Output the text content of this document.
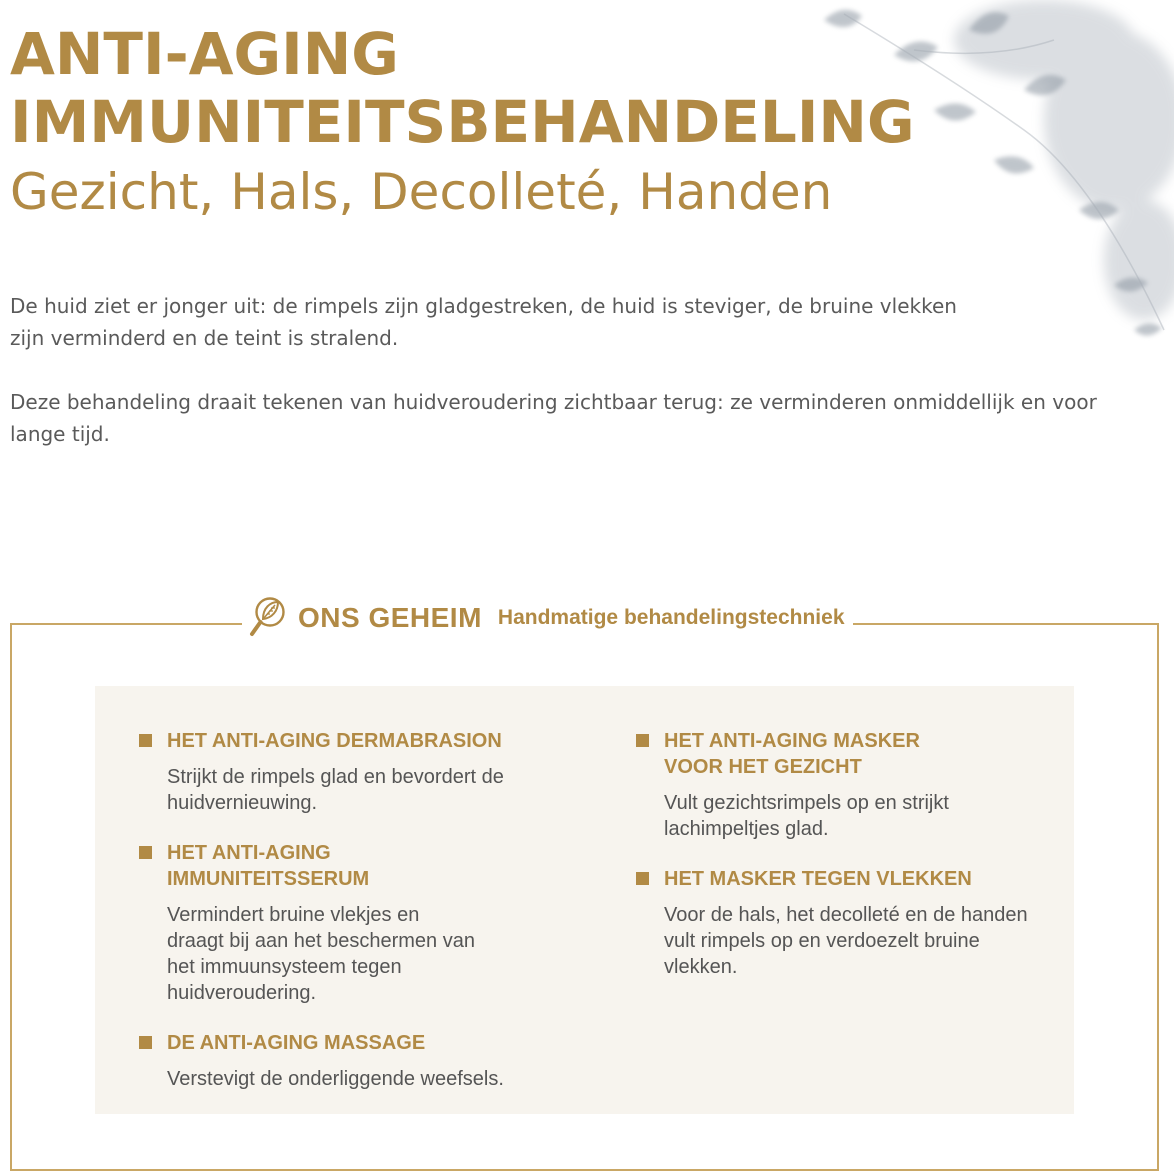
ANTI-AGING
IMMUNITEITSBEHANDELING
Gezicht, Hals, Decolleté, Handen

De huid ziet er jonger uit: de rimpels zijn gladgestreken, de huid is steviger, de bruine vlekken zijn verminderd en de teint is stralend.

Deze behandeling draait tekenen van huidveroudering zichtbaar terug: ze verminderen onmiddellijk en voor lange tijd.

ONS GEHEIM Handmatige behandelingstechniek
HET ANTI-AGING DERMABRASION

Strijkt de rimpels glad en bevordert de huidvernieuwing.

HET ANTI-AGING IMMUNITEITSSERUM

Vermindert bruine vlekjes en draagt bij aan het beschermen van het immuunsysteem tegen huidveroudering.

DE ANTI-AGING MASSAGE

Verstevigt de onderliggende weefsels.

HET ANTI-AGING MASKER VOOR HET GEZICHT

Vult gezichtsrimpels op en strijkt lachimpeltjes glad.

HET MASKER TEGEN VLEKKEN

Voor de hals, het decolleté en de handen vult rimpels op en verdoezelt bruine vlekken.
